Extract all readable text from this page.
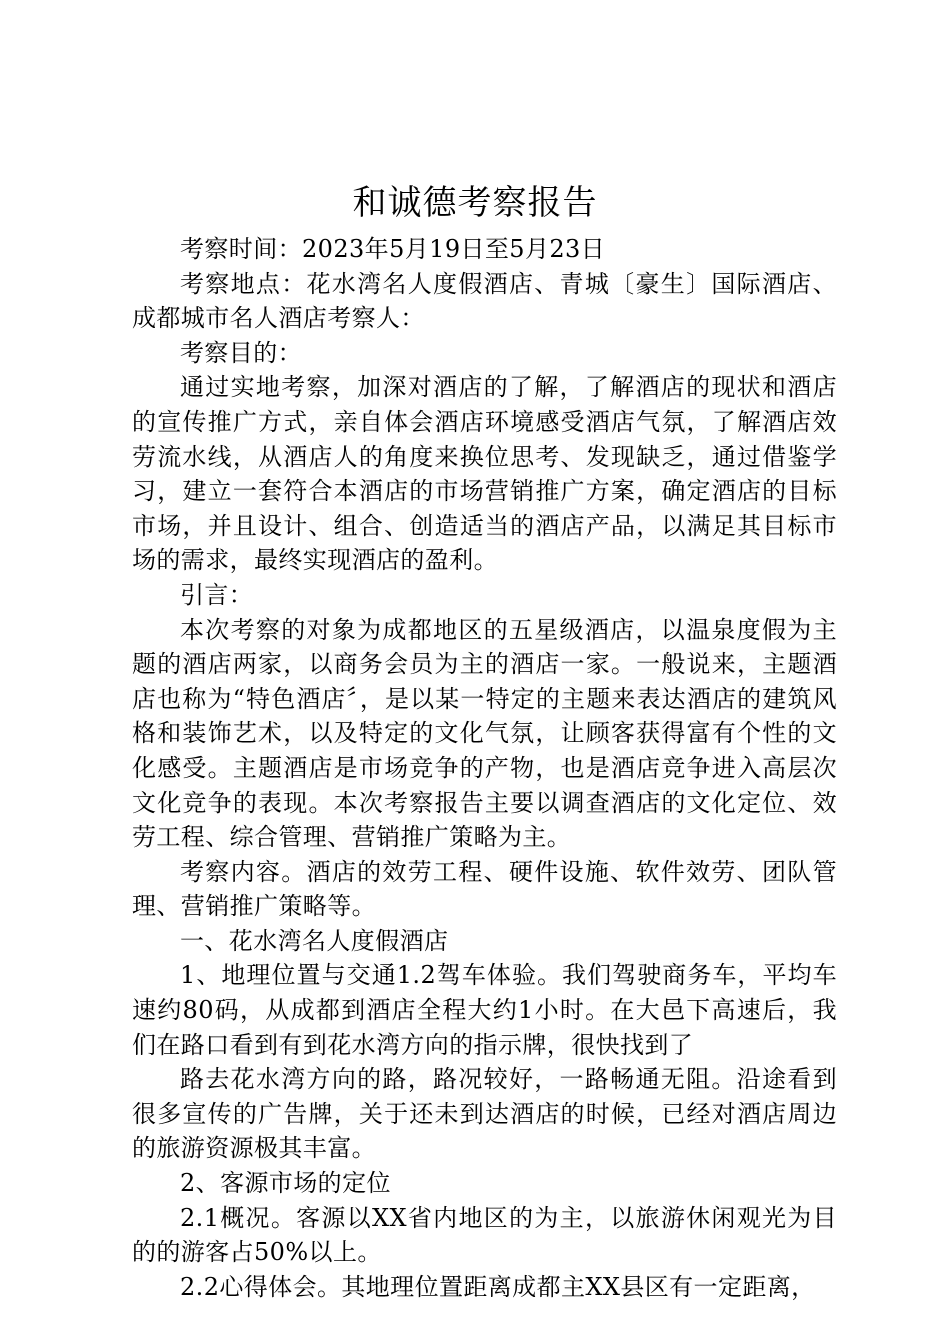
和诚德考察报告

考察时间：2023年5月19日至5月23日

考察地点：花水湾名人度假酒店、青城〔豪生〕国际酒店、成都城市名人酒店考察人：

考察目的：

通过实地考察，加深对酒店的了解，了解酒店的现状和酒店的宣传推广方式，亲自体会酒店环境感受酒店气氛，了解酒店效劳流水线，从酒店人的角度来换位思考、发现缺乏，通过借鉴学习，建立一套符合本酒店的市场营销推广方案，确定酒店的目标市场，并且设计、组合、创造适当的酒店产品，以满足其目标市场的需求，最终实现酒店的盈利。

引言：

本次考察的对象为成都地区的五星级酒店，以温泉度假为主题的酒店两家，以商务会员为主的酒店一家。一般说来，主题酒店也称为“特色酒店〞，是以某一特定的主题来表达酒店的建筑风格和装饰艺术，以及特定的文化气氛，让顾客获得富有个性的文化感受。主题酒店是市场竞争的产物，也是酒店竞争进入高层次文化竞争的表现。本次考察报告主要以调查酒店的文化定位、效劳工程、综合管理、营销推广策略为主。

考察内容。酒店的效劳工程、硬件设施、软件效劳、团队管理、营销推广策略等。

一、花水湾名人度假酒店

1、地理位置与交通1.2驾车体验。我们驾驶商务车，平均车速约80码，从成都到酒店全程大约1小时。在大邑下高速后，我们在路口看到有到花水湾方向的指示牌，很快找到了

路去花水湾方向的路，路况较好，一路畅通无阻。沿途看到很多宣传的广告牌，关于还未到达酒店的时候，已经对酒店周边的旅游资源极其丰富。

2、客源市场的定位

2.1概况。客源以XX省内地区的为主，以旅游休闲观光为目的的游客占50%以上。

2.2心得体会。其地理位置距离成都主XX县区有一定距离，
